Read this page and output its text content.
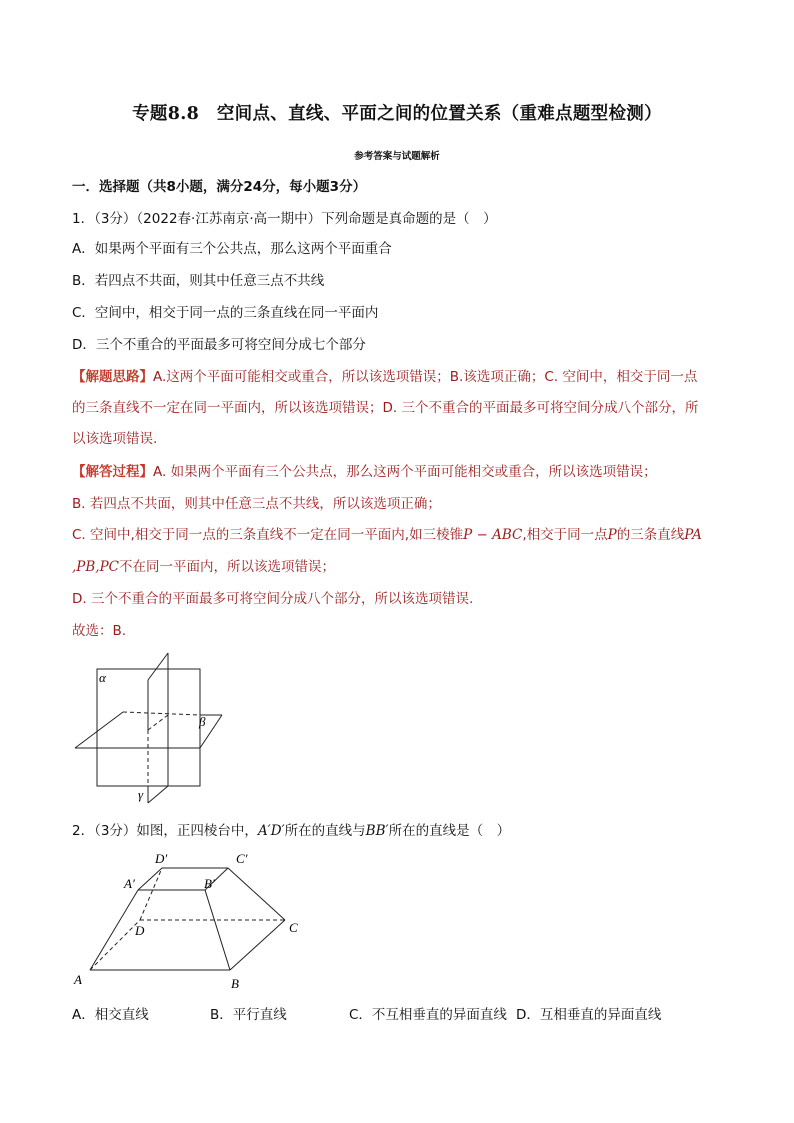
专题8.8　空间点、直线、平面之间的位置关系（重难点题型检测）
参考答案与试题解析
一．选择题（共8小题，满分24分，每小题3分）
1．（3分）（2022春·江苏南京·高一期中）下列命题是真命题的是（　）
A．如果两个平面有三个公共点，那么这两个平面重合
B．若四点不共面，则其中任意三点不共线
C．空间中，相交于同一点的三条直线在同一平面内
D．三个不重合的平面最多可将空间分成七个部分
【解题思路】A.这两个平面可能相交或重合，所以该选项错误；B.该选项正确；C. 空间中，相交于同一点
的三条直线不一定在同一平面内，所以该选项错误；D. 三个不重合的平面最多可将空间分成八个部分，所
以该选项错误.
【解答过程】A. 如果两个平面有三个公共点，那么这两个平面可能相交或重合，所以该选项错误；
B. 若四点不共面，则其中任意三点不共线，所以该选项正确；
C. 空间中,相交于同一点的三条直线不一定在同一平面内,如三棱锥P − ABC,相交于同一点P的三条直线PA
,PB,PC不在同一平面内，所以该选项错误；
D. 三个不重合的平面最多可将空间分成八个部分，所以该选项错误.
故选：B.
α
β
γ
2．（3分）如图，正四棱台中，A′D′所在的直线与BB′所在的直线是（　）
D′	C′
A′	B′
D	C
A	B
A．相交直线	B．平行直线	C．不互相垂直的异面直线 D．互相垂直的异面直线
